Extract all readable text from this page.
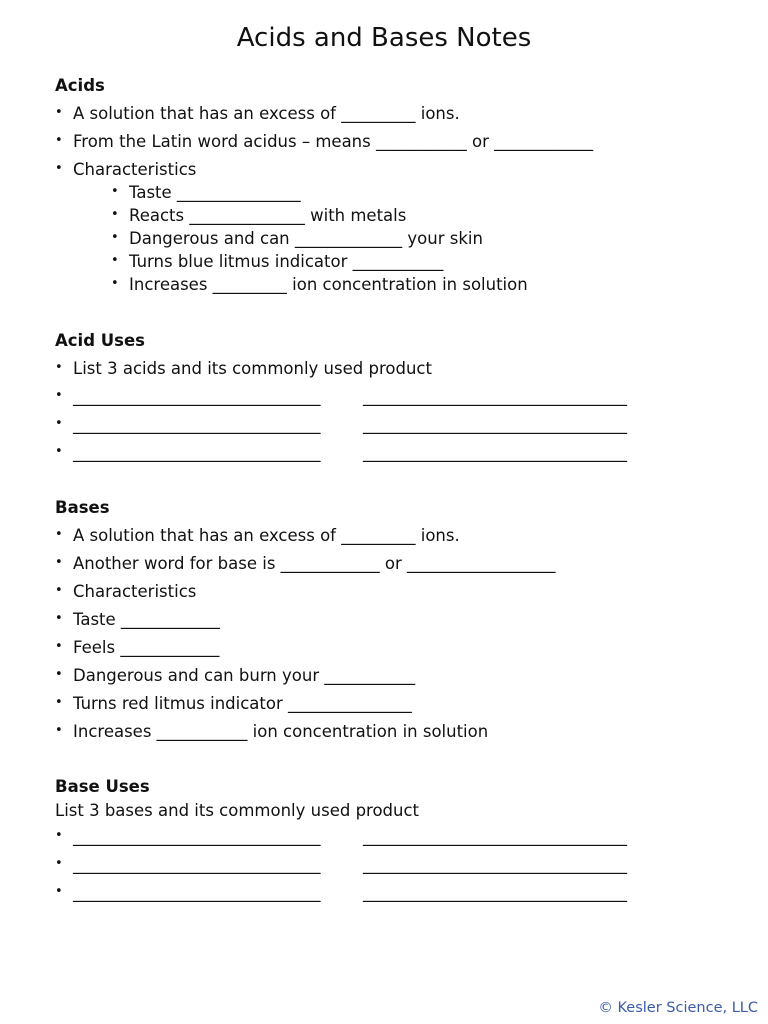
Acids and Bases Notes
Acids
• A solution that has an excess of _________ ions.
• From the Latin word acidus – means ___________ or ____________
• Characteristics
• Taste _______________
• Reacts ______________ with metals
• Dangerous and can _____________ your skin
• Turns blue litmus indicator ___________
• Increases _________ ion concentration in solution
Acid Uses
• List 3 acids and its commonly used product
• ______________________________	________________________________
• ______________________________	________________________________
• ______________________________	________________________________
Bases
• A solution that has an excess of _________ ions.
• Another word for base is ____________ or __________________
• Characteristics
• Taste ____________
• Feels ____________
• Dangerous and can burn your ___________
• Turns red litmus indicator _______________
• Increases ___________ ion concentration in solution
Base Uses
List 3 bases and its commonly used product
• ______________________________	________________________________
• ______________________________	________________________________
• ______________________________	________________________________
© Kesler Science, LLC
